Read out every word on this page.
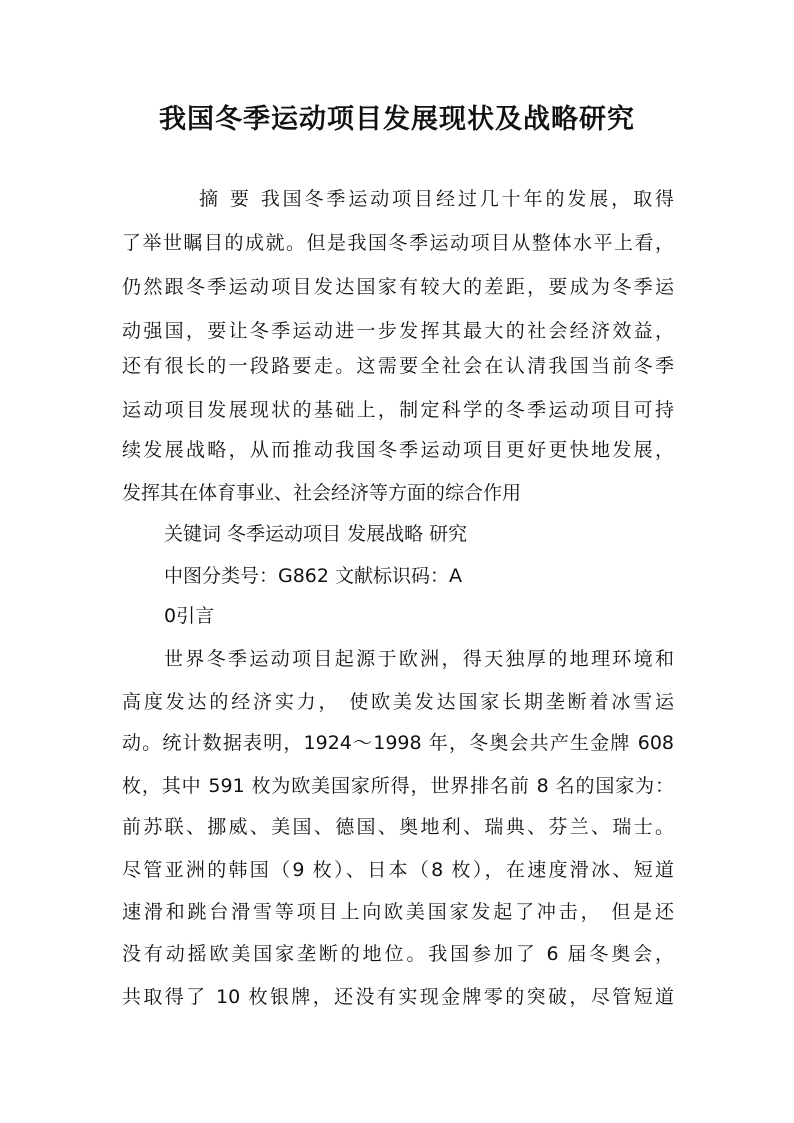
我国冬季运动项目发展现状及战略研究
摘 要 我国冬季运动项目经过几十年的发展，取得
了举世瞩目的成就。但是我国冬季运动项目从整体水平上看，
仍然跟冬季运动项目发达国家有较大的差距，要成为冬季运
动强国，要让冬季运动进一步发挥其最大的社会经济效益，
还有很长的一段路要走。这需要全社会在认清我国当前冬季
运动项目发展现状的基础上，制定科学的冬季运动项目可持
续发展战略，从而推动我国冬季运动项目更好更快地发展，
发挥其在体育事业、社会经济等方面的综合作用
关键词 冬季运动项目 发展战略 研究
中图分类号：G862 文献标识码：A
0引言
世界冬季运动项目起源于欧洲，得天独厚的地理环境和
高度发达的经济实力， 使欧美发达国家长期垄断着冰雪运
动。统计数据表明，1924～1998 年，冬奥会共产生金牌 608
枚，其中 591 枚为欧美国家所得，世界排名前 8 名的国家为：
前苏联、挪威、美国、德国、奥地利、瑞典、芬兰、瑞士。
尽管亚洲的韩国（9 枚）、日本（8 枚），在速度滑冰、短道
速滑和跳台滑雪等项目上向欧美国家发起了冲击， 但是还
没有动摇欧美国家垄断的地位。我国参加了 6 届冬奥会，
共取得了 10 枚银牌，还没有实现金牌零的突破，尽管短道
